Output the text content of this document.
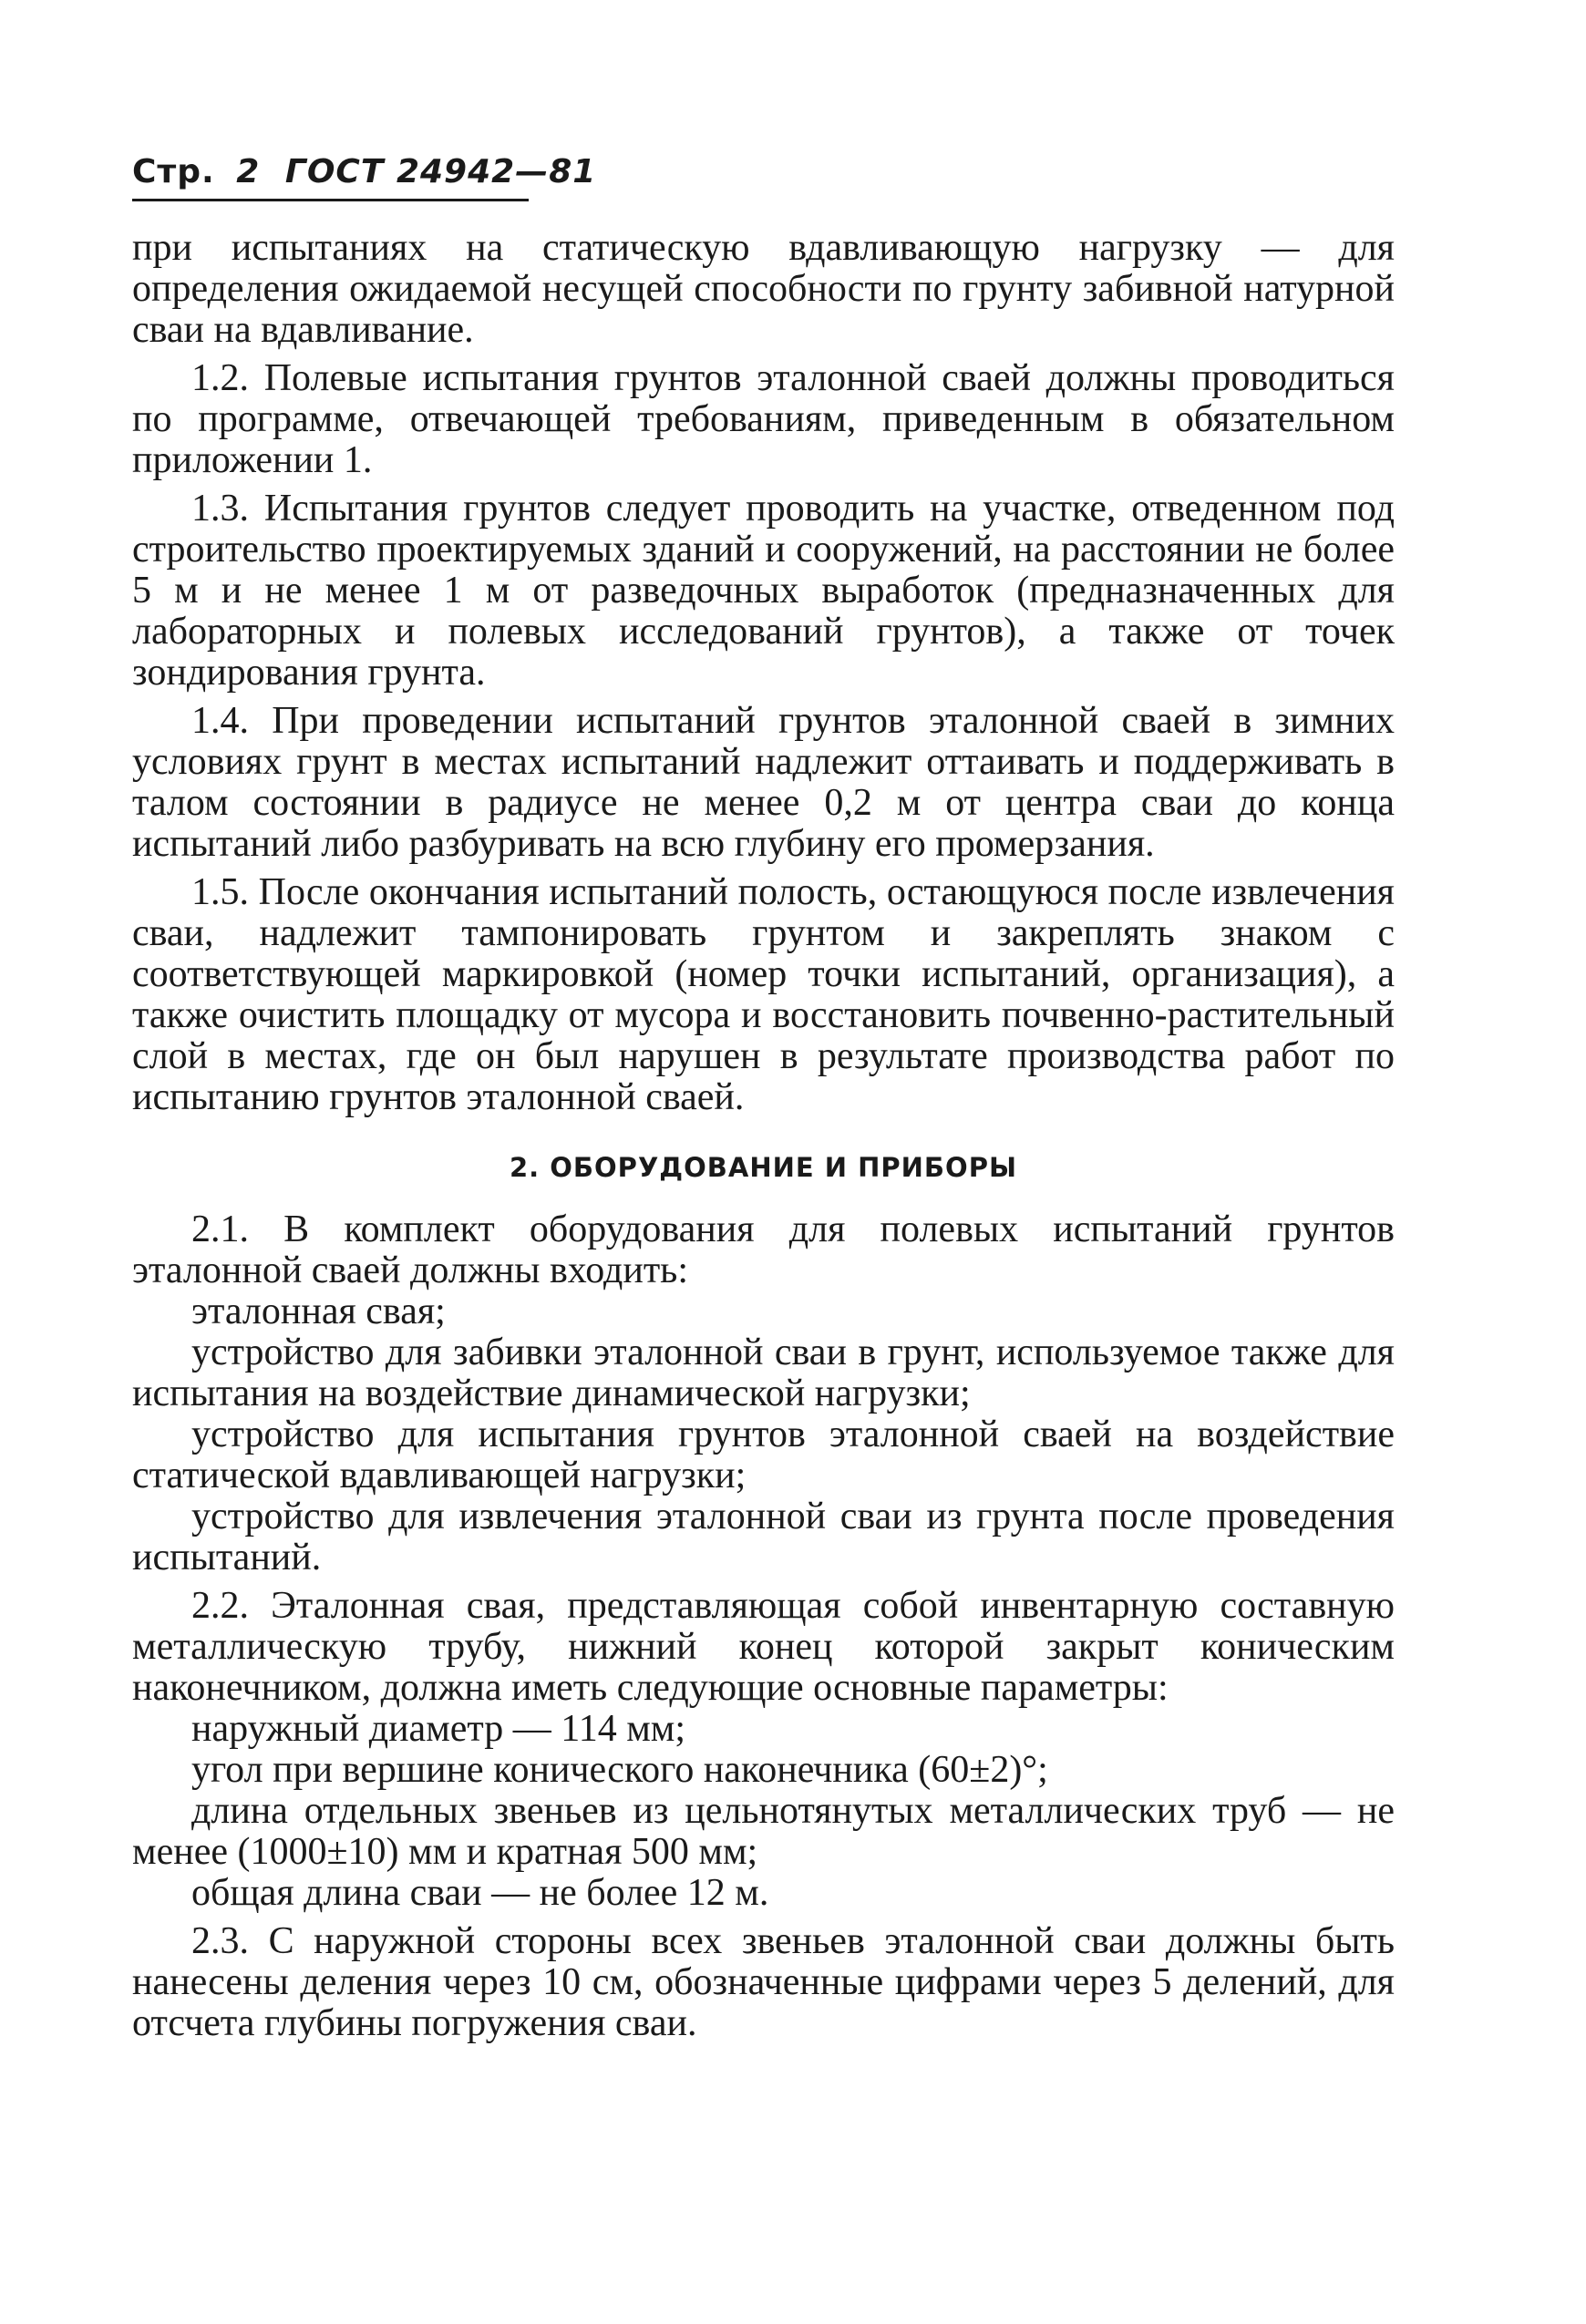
Стр. 2 ГОСТ 24942—81

при испытаниях на статическую вдавливающую нагрузку — для определения ожидаемой несущей способности по грунту забивной натурной сваи на вдавливание.

1.2. Полевые испытания грунтов эталонной сваей должны проводиться по программе, отвечающей требованиям, приведенным в обязательном приложении 1.

1.3. Испытания грунтов следует проводить на участке, отведенном под строительство проектируемых зданий и сооружений, на расстоянии не более 5 м и не менее 1 м от разведочных выработок (предназначенных для лабораторных и полевых исследований грунтов), а также от точек зондирования грунта.

1.4. При проведении испытаний грунтов эталонной сваей в зимних условиях грунт в местах испытаний надлежит оттаивать и поддерживать в талом состоянии в радиусе не менее 0,2 м от центра сваи до конца испытаний либо разбуривать на всю глубину его промерзания.

1.5. После окончания испытаний полость, остающуюся после извлечения сваи, надлежит тампонировать грунтом и закреплять знаком с соответствующей маркировкой (номер точки испытаний, организация), а также очистить площадку от мусора и восстановить почвенно-растительный слой в местах, где он был нарушен в результате производства работ по испытанию грунтов эталонной сваей.

2. ОБОРУДОВАНИЕ И ПРИБОРЫ

2.1. В комплект оборудования для полевых испытаний грунтов эталонной сваей должны входить:

эталонная свая;

устройство для забивки эталонной сваи в грунт, используемое также для испытания на воздействие динамической нагрузки;

устройство для испытания грунтов эталонной сваей на воздействие статической вдавливающей нагрузки;

устройство для извлечения эталонной сваи из грунта после проведения испытаний.

2.2. Эталонная свая, представляющая собой инвентарную составную металлическую трубу, нижний конец которой закрыт коническим наконечником, должна иметь следующие основные параметры:

наружный диаметр — 114 мм;

угол при вершине конического наконечника (60±2)°;

длина отдельных звеньев из цельнотянутых металлических труб — не менее (1000±10) мм и кратная 500 мм;

общая длина сваи — не более 12 м.

2.3. С наружной стороны всех звеньев эталонной сваи должны быть нанесены деления через 10 см, обозначенные цифрами через 5 делений, для отсчета глубины погружения сваи.
